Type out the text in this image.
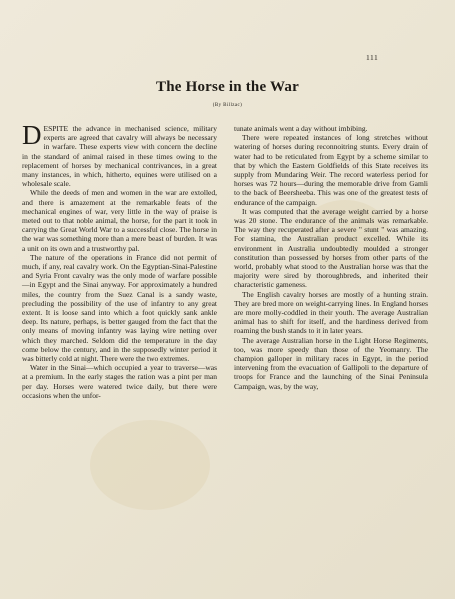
111
The Horse in the War
(By Billzac)

DESPITE the advance in mechanised science, military experts are agreed that cavalry will always be necessary in warfare. These experts view with concern the decline in the standard of animal raised in these times owing to the replacement of horses by mechanical contrivances, in a great many instances, in which, hitherto, equines were utilised on a wholesale scale.

While the deeds of men and women in the war are extolled, and there is amazement at the remarkable feats of the mechanical engines of war, very little in the way of praise is meted out to that noble animal, the horse, for the part it took in carrying the Great World War to a successful close. The horse in the war was something more than a mere beast of burden. It was a unit on its own and a trustworthy pal.

The nature of the operations in France did not permit of much, if any, real cavalry work. On the Egyptian-Sinai-Palestine and Syria Front cavalry was the only mode of warfare possible—in Egypt and the Sinai anyway. For approximately a hundred miles, the country from the Suez Canal is a sandy waste, precluding the possibility of the use of infantry to any great extent. It is loose sand into which a foot quickly sank ankle deep. Its nature, perhaps, is better gauged from the fact that the only means of moving infantry was laying wire netting over which they marched. Seldom did the temperature in the day come below the century, and in the supposedly winter period it was bitterly cold at night. There were the two extremes.

Water in the Sinai—which occupied a year to traverse—was at a premium. In the early stages the ration was a pint per man per day. Horses were watered twice daily, but there were occasions when the unfor-

tunate animals went a day without imbibing.

There were repeated instances of long stretches without watering of horses during reconnoitring stunts. Every drain of water had to be reticulated from Egypt by a scheme similar to that by which the Eastern Goldfields of this State receives its supply from Mundaring Weir. The record waterless period for horses was 72 hours—during the memorable drive from Gamli to the back of Beersheeba. This was one of the greatest tests of endurance of the campaign.

It was computed that the average weight carried by a horse was 20 stone. The endurance of the animals was remarkable. The way they recuperated after a severe " stunt " was amazing. For stamina, the Australian product excelled. While its environment in Australia undoubtedly moulded a stronger constitution than possessed by horses from other parts of the world, probably what stood to the Australian horse was that the majority were sired by thoroughbreds, and inherited their characteristic gameness.

The English cavalry horses are mostly of a hunting strain. They are bred more on weight-carrying lines. In England horses are more molly-coddled in their youth. The average Australian animal has to shift for itself, and the hardiness derived from roaming the bush stands to it in later years.

The average Australian horse in the Light Horse Regiments, too, was more speedy than those of the Yeomanry. The champion galloper in military races in Egypt, in the period intervening from the evacuation of Gallipoli to the departure of troops for France and the launching of the Sinai Peninsula Campaign, was, by the way,
